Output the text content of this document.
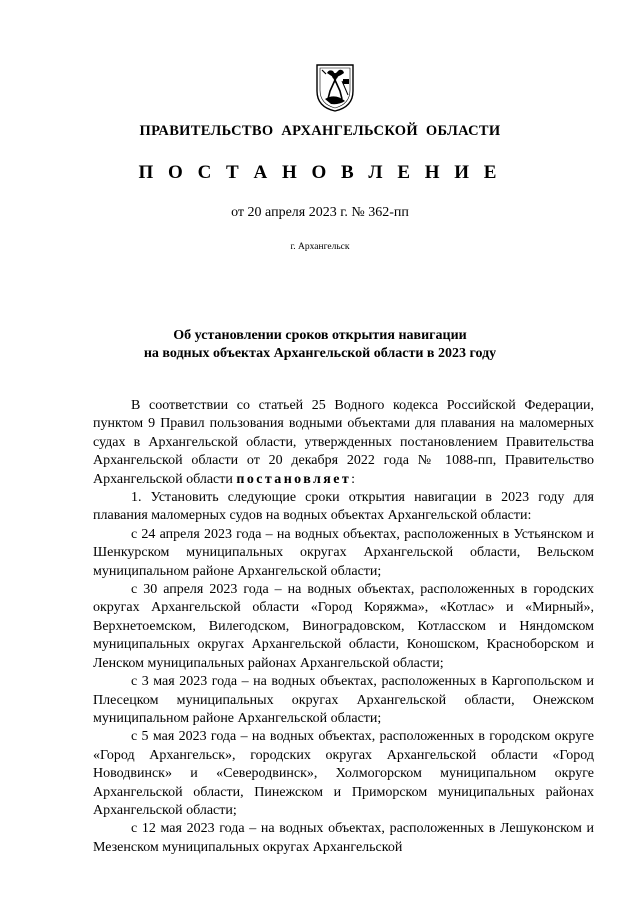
ПРАВИТЕЛЬСТВО АРХАНГЕЛЬСКОЙ ОБЛАСТИ
П О С Т А Н О В Л Е Н И Е
от 20 апреля 2023 г. № 362-пп
г. Архангельск
Об установлении сроков открытия навигации
на водных объектах Архангельской области в 2023 году

В соответствии со статьей 25 Водного кодекса Российской Федерации, пунктом 9 Правил пользования водными объектами для плавания на маломерных судах в Архангельской области, утвержденных постановлением Правительства Архангельской области от 20 декабря 2022 года № 1088-пп, Правительство Архангельской области постановляет:

1. Установить следующие сроки открытия навигации в 2023 году для плавания маломерных судов на водных объектах Архангельской области:

с 24 апреля 2023 года – на водных объектах, расположенных в Устьянском и Шенкурском муниципальных округах Архангельской области, Вельском муниципальном районе Архангельской области;

с 30 апреля 2023 года – на водных объектах, расположенных в городских округах Архангельской области «Город Коряжма», «Котлас» и «Мирный», Верхнетоемском, Вилегодском, Виноградовском, Котласском и Няндомском муниципальных округах Архангельской области, Коношском, Красноборском и Ленском муниципальных районах Архангельской области;

с 3 мая 2023 года – на водных объектах, расположенных в Каргопольском и Плесецком муниципальных округах Архангельской области, Онежском муниципальном районе Архангельской области;

с 5 мая 2023 года – на водных объектах, расположенных в городском округе «Город Архангельск», городских округах Архангельской области «Город Новодвинск» и «Северодвинск», Холмогорском муниципальном округе Архангельской области, Пинежском и Приморском муниципальных районах Архангельской области;

с 12 мая 2023 года – на водных объектах, расположенных в Лешуконском и Мезенском муниципальных округах Архангельской
